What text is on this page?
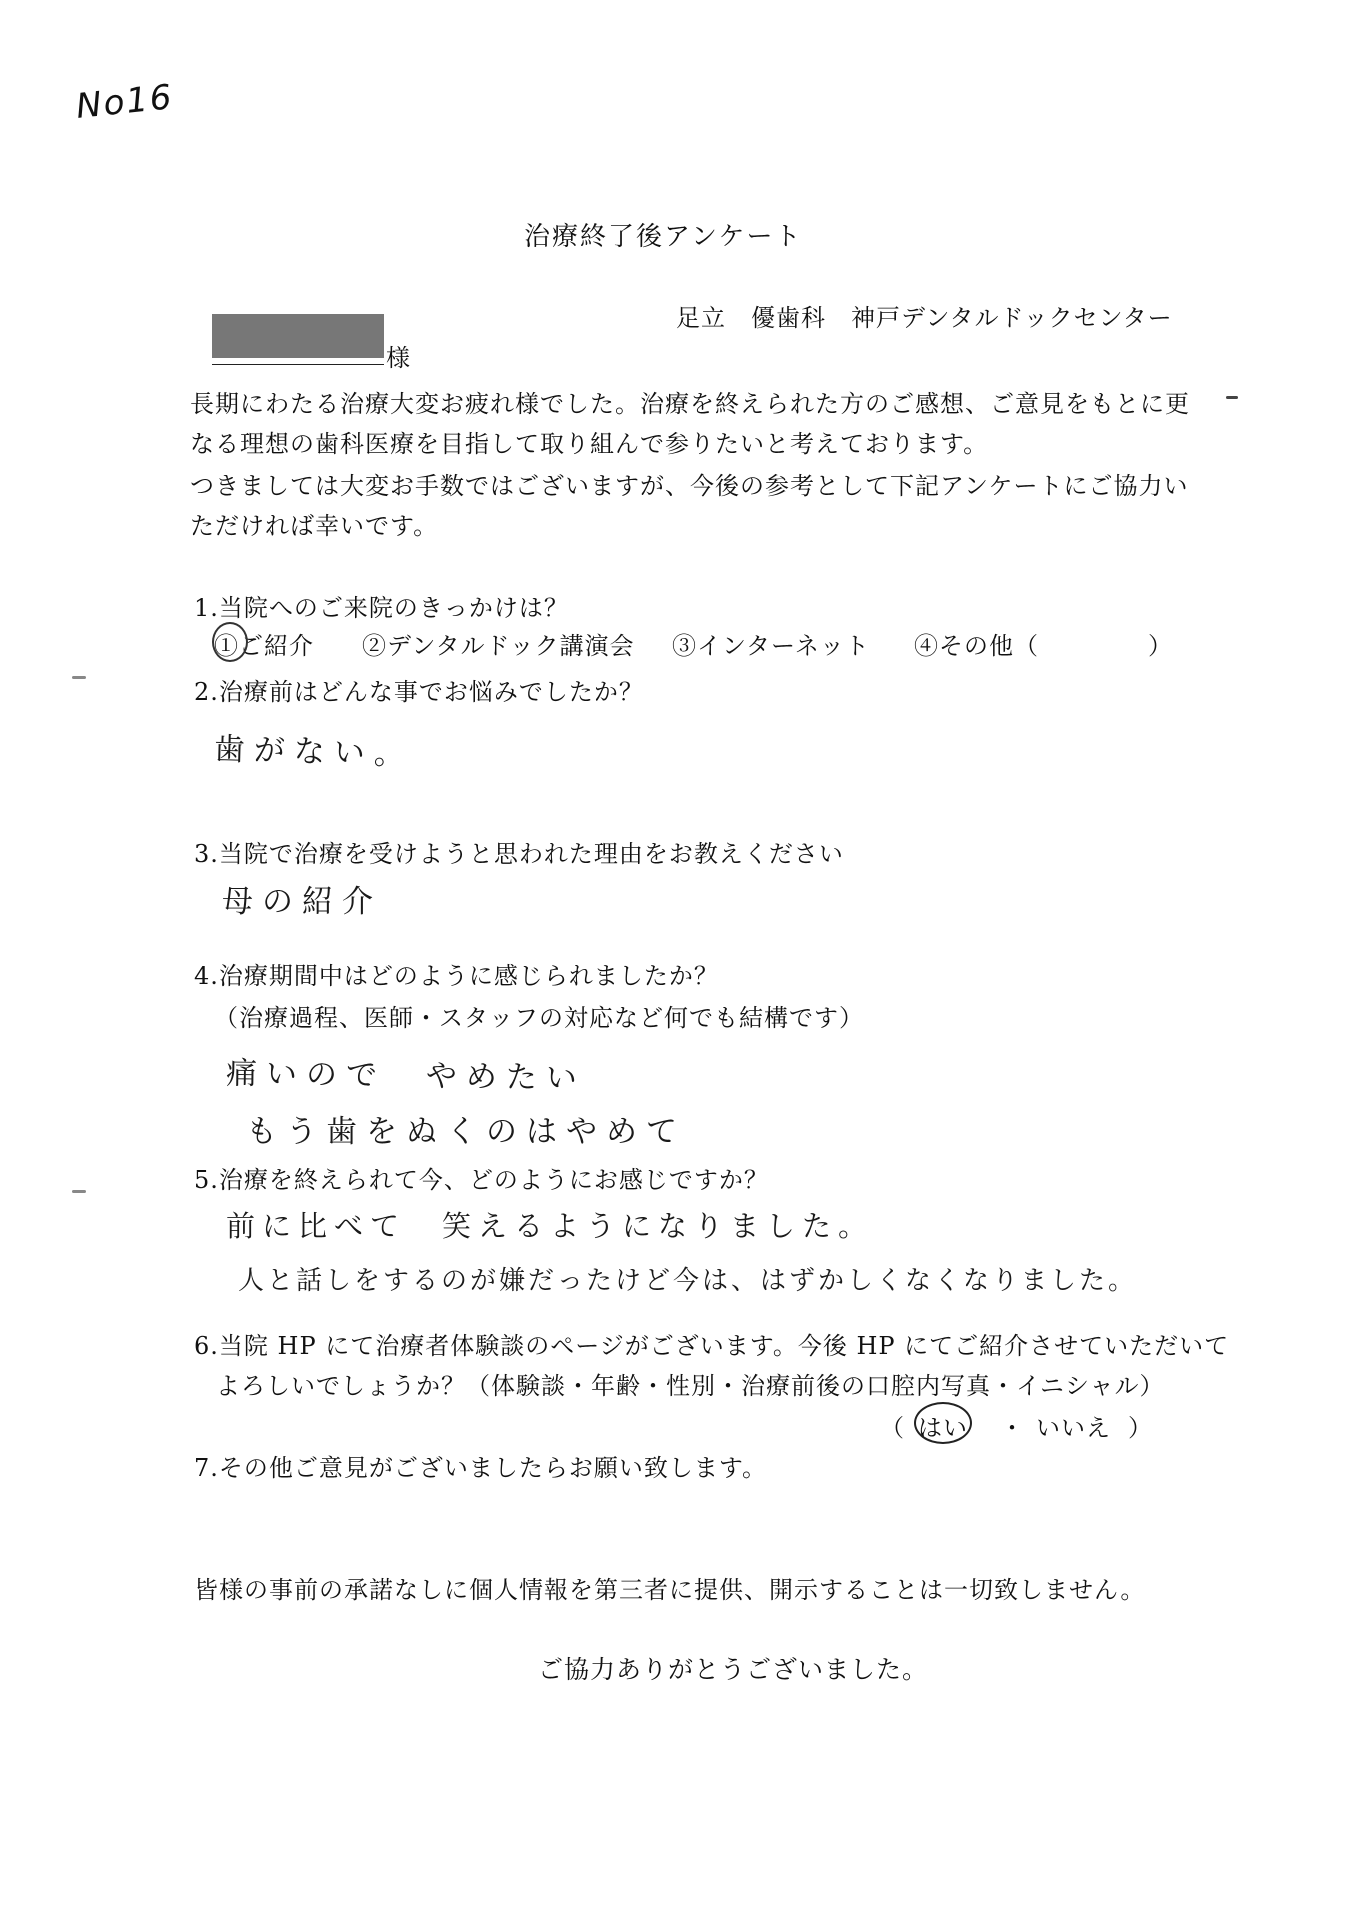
No16
治療終了後アンケート
足立　優歯科　神戸デンタルドックセンター
様
長期にわたる治療大変お疲れ様でした。治療を終えられた方のご感想、ご意見をもとに更
なる理想の歯科医療を目指して取り組んで参りたいと考えております。
つきましては大変お手数ではございますが、今後の参考として下記アンケートにご協力い
ただければ幸いです。
1.当院へのご来院のきっかけは？
①ご紹介 ②デンタルドック講演会 ③インターネット ④その他（	）
2.治療前はどんな事でお悩みでしたか？
歯がない。
3.当院で治療を受けようと思われた理由をお教えください
母の紹介
4.治療期間中はどのように感じられましたか？
（治療過程、医師・スタッフの対応など何でも結構です）
痛いので　やめたい
もう歯をぬくのはやめて
5.治療を終えられて今、どのようにお感じですか？
前に比べて　笑えるようになりました。
人と話しをするのが嫌だったけど今は、はずかしくなくなりました。
6.当院 HP にて治療者体験談のページがございます。今後 HP にてご紹介させていただいて
よろしいでしょうか？（体験談・年齢・性別・治療前後の口腔内写真・イニシャル）
（ はい ・ いいえ ）
7.その他ご意見がございましたらお願い致します。
皆様の事前の承諾なしに個人情報を第三者に提供、開示することは一切致しません。
ご協力ありがとうございました。
